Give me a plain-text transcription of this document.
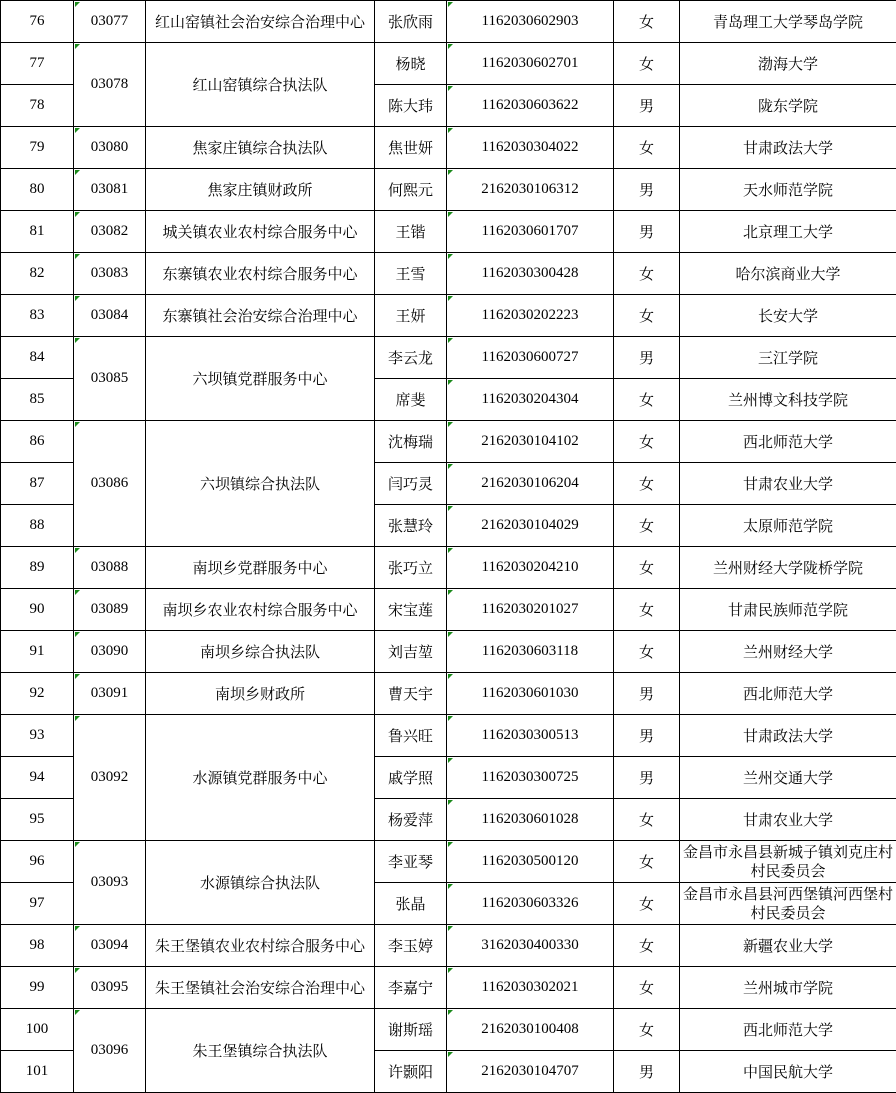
76	03077	红山窑镇社会治安综合治理中心	张欣雨	1162030602903	女	青岛理工大学琴岛学院
77	03078	红山窑镇综合执法队	杨晓	1162030602701	女	渤海大学
78			陈大玮	1162030603622	男	陇东学院
79	03080	焦家庄镇综合执法队	焦世妍	1162030304022	女	甘肃政法大学
80	03081	焦家庄镇财政所	何熙元	2162030106312	男	天水师范学院
81	03082	城关镇农业农村综合服务中心	王锴	1162030601707	男	北京理工大学
82	03083	东寨镇农业农村综合服务中心	王雪	1162030300428	女	哈尔滨商业大学
83	03084	东寨镇社会治安综合治理中心	王妍	1162030202223	女	长安大学
84	03085	六坝镇党群服务中心	李云龙	1162030600727	男	三江学院
85			席斐	1162030204304	女	兰州博文科技学院
86	03086	六坝镇综合执法队	沈梅瑞	2162030104102	女	西北师范大学
87			闫巧灵	2162030106204	女	甘肃农业大学
88			张慧玲	2162030104029	女	太原师范学院
89	03088	南坝乡党群服务中心	张巧立	1162030204210	女	兰州财经大学陇桥学院
90	03089	南坝乡农业农村综合服务中心	宋宝莲	1162030201027	女	甘肃民族师范学院
91	03090	南坝乡综合执法队	刘吉堃	1162030603118	女	兰州财经大学
92	03091	南坝乡财政所	曹天宇	1162030601030	男	西北师范大学
93	03092	水源镇党群服务中心	鲁兴旺	1162030300513	男	甘肃政法大学
94			戚学照	1162030300725	男	兰州交通大学
95			杨爱萍	1162030601028	女	甘肃农业大学
96	03093	水源镇综合执法队	李亚琴	1162030500120	女	金昌市永昌县新城子镇刘克庄村村民委员会
97			张晶	1162030603326	女	金昌市永昌县河西堡镇河西堡村村民委员会
98	03094	朱王堡镇农业农村综合服务中心	李玉婷	3162030400330	女	新疆农业大学
99	03095	朱王堡镇社会治安综合治理中心	李嘉宁	1162030302021	女	兰州城市学院
100	03096	朱王堡镇综合执法队	谢斯瑶	2162030100408	女	西北师范大学
101			许颢阳	2162030104707	男	中国民航大学
